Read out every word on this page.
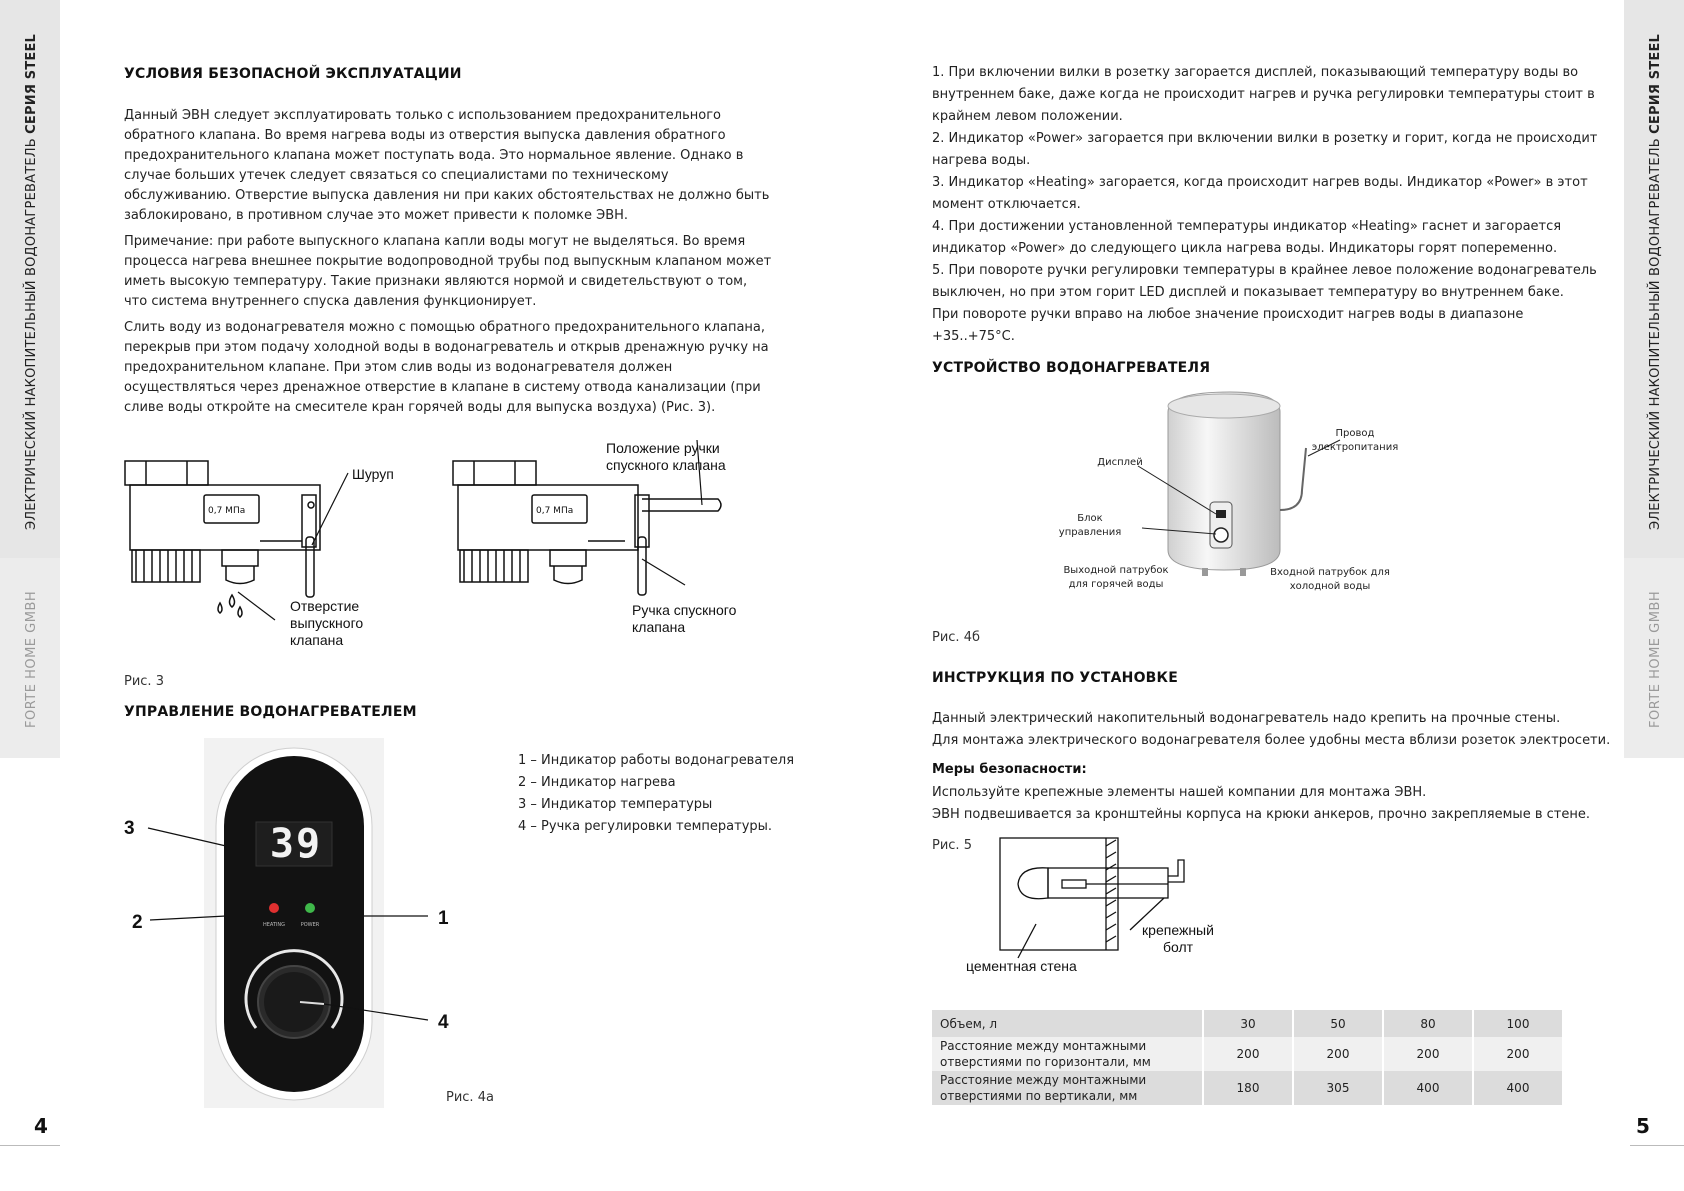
ЭЛЕКТРИЧЕСКИЙ НАКОПИТЕЛЬНЫЙ ВОДОНАГРЕВАТЕЛЬ СЕРИЯ STEEL
FORTE HOME GMBH
4
ЭЛЕКТРИЧЕСКИЙ НАКОПИТЕЛЬНЫЙ ВОДОНАГРЕВАТЕЛЬ СЕРИЯ STEEL
FORTE HOME GMBH
5
УСЛОВИЯ БЕЗОПАСНОЙ ЭКСПЛУАТАЦИИ

Данный ЭВН следует эксплуатировать только с использованием предохранительного обратного клапана. Во время нагрева воды из отверстия выпуска давления обратного предохранительного клапана может поступать вода. Это нормальное явление. Однако в случае больших утечек следует связаться со специалистами по техническому обслуживанию. Отверстие выпуска давления ни при каких обстоятельствах не должно быть заблокировано, в противном случае это может привести к поломке ЭВН.

Примечание: при работе выпускного клапана капли воды могут не выделяться. Во время процесса нагрева внешнее покрытие водопроводной трубы под выпускным клапаном может иметь высокую температуру. Такие признаки являются нормой и свидетельствуют о том, что система внутреннего спуска давления функционирует.

Слить воду из водонагревателя можно с помощью обратного предохранительного клапана, перекрыв при этом подачу холодной воды в водонагреватель и открыв дренажную ручку на предохранительном клапане. При этом слив воды из водонагревателя должен осуществляться через дренажное отверстие в клапане в систему отвода канализации (при сливе воды откройте на смесителе кран горячей воды для выпуска воздуха) (Рис. 3).

0,7 МПа	0,7 МПа
Шуруп
Отверстие выпускного клапана
Положение ручки спускного клапана
Ручка спускного клапана
Рис. 3
УПРАВЛЕНИЕ ВОДОНАГРЕВАТЕЛЕМ
HEATING	POWER
3
2	1
4
39
1 – Индикатор работы водонагревателя
2 – Индикатор нагрева
3 – Индикатор температуры
4 – Ручка регулировки температуры.
Рис. 4а
1. При включении вилки в розетку загорается дисплей, показывающий температуру воды во внутреннем баке, даже когда не происходит нагрев и ручка регулировки температуры стоит в крайнем левом положении.
2. Индикатор «Power» загорается при включении вилки в розетку и горит, когда не происходит нагрева воды.
3. Индикатор «Heating» загорается, когда происходит нагрев воды. Индикатор «Power» в этот момент отключается.
4. При достижении установленной температуры индикатор «Heating» гаснет и загорается индикатор «Power» до следующего цикла нагрева воды. Индикаторы горят попеременно.
5. При повороте ручки регулировки температуры в крайнее левое положение водонагреватель выключен, но при этом горит LED дисплей и показывает температуру во внутреннем баке.
При повороте ручки вправо на любое значение происходит нагрев воды в диапазоне +35..+75°С.
УСТРОЙСТВО ВОДОНАГРЕВАТЕЛЯ
Дисплей
Провод электропитания
Блок управления
Выходной патрубок для горячей воды
Входной патрубок для холодной воды
Рис. 4б
ИНСТРУКЦИЯ ПО УСТАНОВКЕ
Данный электрический накопительный водонагреватель надо крепить на прочные стены.
Для монтажа электрического водонагревателя более удобны места вблизи розеток электросети.
Меры безопасности:
Используйте крепежные элементы нашей компании для монтажа ЭВН.
ЭВН подвешивается за кронштейны корпуса на крюки анкеров, прочно закрепляемые в стене.
Рис. 5
крепежный болт
цементная стена
Объем, л	30	50	80	100
Расстояние между монтажными отверстиями по горизонтали, мм	200	200	200	200
Расстояние между монтажными отверстиями по вертикали, мм	180	305	400	400
